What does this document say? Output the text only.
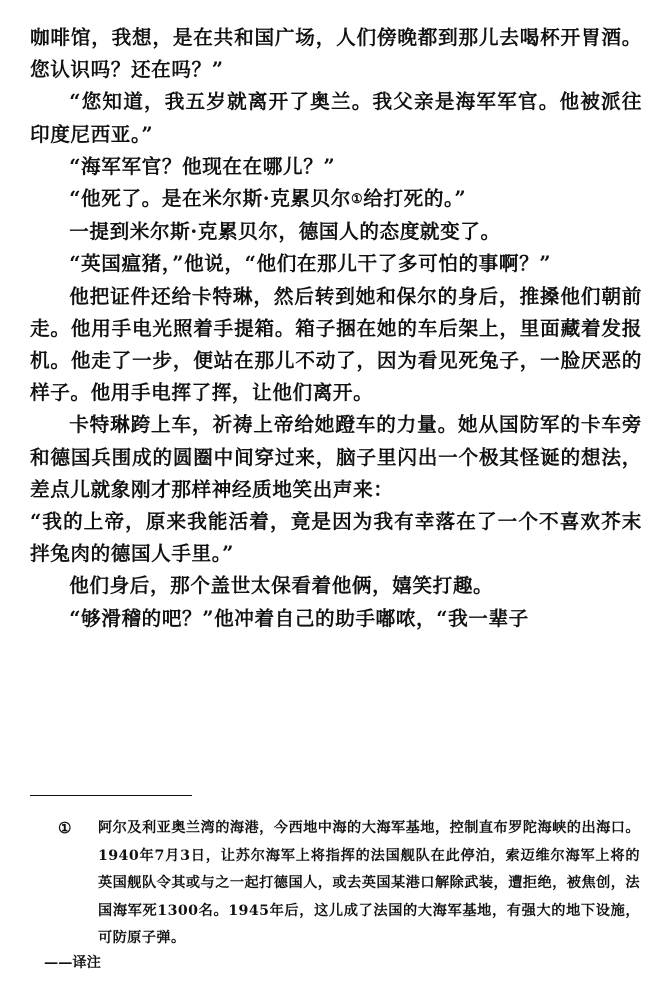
咖啡馆，我想，是在共和国广场，人们傍晚都到那儿去喝杯开胃酒。您认识吗？还在吗？”

“您知道，我五岁就离开了奥兰。我父亲是海军军官。他被派往印度尼西亚。”

“海军军官？他现在在哪儿？”

“他死了。是在米尔斯·克累贝尔①给打死的。”

一提到米尔斯·克累贝尔，德国人的态度就变了。

“英国瘟猪，”他说，“他们在那儿干了多可怕的事啊？”

他把证件还给卡特琳，然后转到她和保尔的身后，推搡他们朝前走。他用手电光照着手提箱。箱子捆在她的车后架上，里面藏着发报机。他走了一步，便站在那儿不动了，因为看见死兔子，一脸厌恶的样子。他用手电挥了挥，让他们离开。

卡特琳跨上车，祈祷上帝给她蹬车的力量。她从国防军的卡车旁和德国兵围成的圆圈中间穿过来，脑子里闪出一个极其怪诞的想法，差点儿就象刚才那样神经质地笑出声来：

“我的上帝，原来我能活着，竟是因为我有幸落在了一个不喜欢芥末拌兔肉的德国人手里。”

他们身后，那个盖世太保看着他俩，嬉笑打趣。

“够滑稽的吧？”他冲着自己的助手嘟哝，“我一辈子

① 阿尔及利亚奥兰湾的海港，今西地中海的大海军基地，控制直布罗陀海峡的出海口。1940年7月3日，让苏尔海军上将指挥的法国舰队在此停泊，索迈维尔海军上将的英国舰队令其或与之一起打德国人，或去英国某港口解除武装，遭拒绝，被焦创，法国海军死1300名。1945年后，这儿成了法国的大海军基地，有强大的地下设施，可防原子弹。
——译注
